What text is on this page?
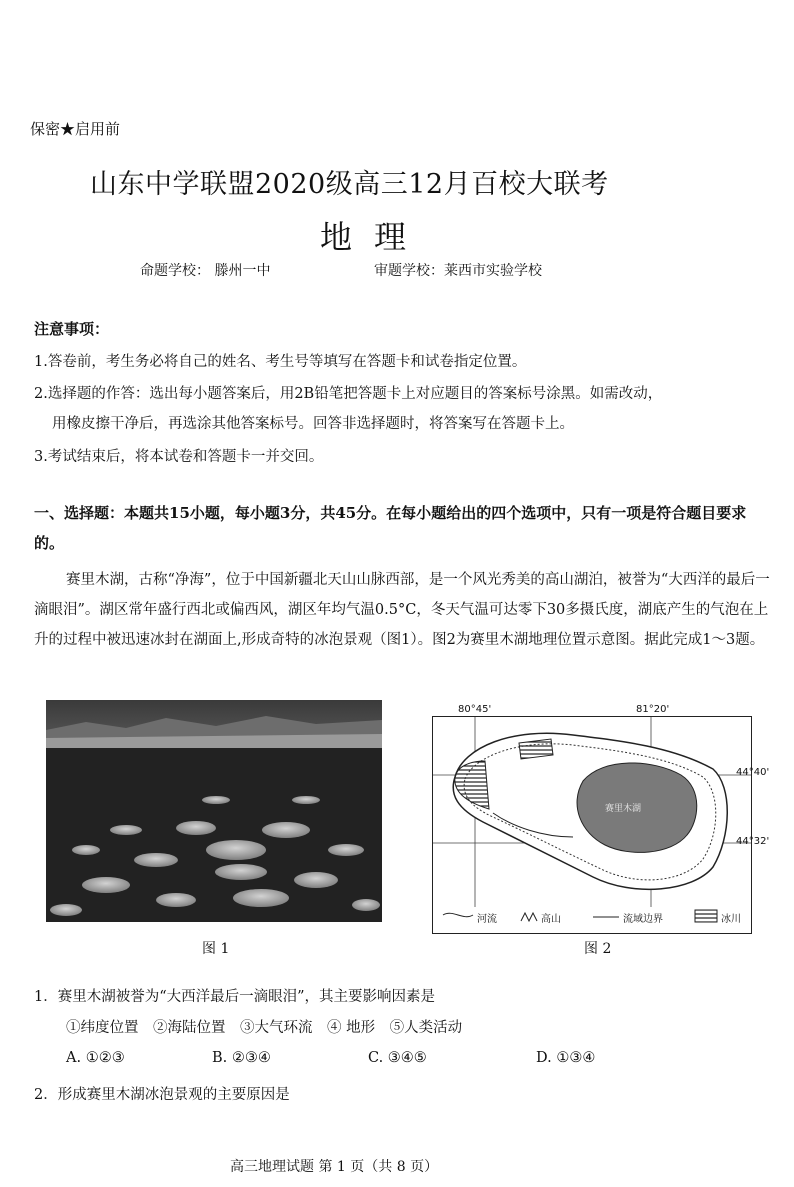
保密★启用前
山东中学联盟2020级高三12月百校大联考
地理
命题学校： 滕州一中	审题学校：莱西市实验学校
注意事项：
1.答卷前，考生务必将自己的姓名、考生号等填写在答题卡和试卷指定位置。
2.选择题的作答：选出每小题答案后，用2B铅笔把答题卡上对应题目的答案标号涂黑。如需改动，
用橡皮擦干净后，再选涂其他答案标号。回答非选择题时，将答案写在答题卡上。
3.考试结束后，将本试卷和答题卡一并交回。
一、选择题：本题共15小题，每小题3分，共45分。在每小题给出的四个选项中，只有一项是符合题目要求的。
赛里木湖，古称“净海”，位于中国新疆北天山山脉西部，是一个风光秀美的高山湖泊，被誉为“大西洋的最后一滴眼泪”。湖区常年盛行西北或偏西风，湖区年均气温0.5°C，冬天气温可达零下30多摄氏度，湖底产生的气泡在上升的过程中被迅速冰封在湖面上,形成奇特的冰泡景观（图1）。图2为赛里木湖地理位置示意图。据此完成1～3题。
图 1
80°45'	81°20'
赛里木湖
河流	高山	流域边界	冰川
44°40'
44°32'
图 2
1．赛里木湖被誉为“大西洋最后一滴眼泪”，其主要影响因素是
①纬度位置　②海陆位置　③大气环流　④ 地形　⑤人类活动
A. ①②③	B. ②③④	C. ③④⑤	D. ①③④
2．形成赛里木湖冰泡景观的主要原因是
高三地理试题 第 1 页（共 8 页）
